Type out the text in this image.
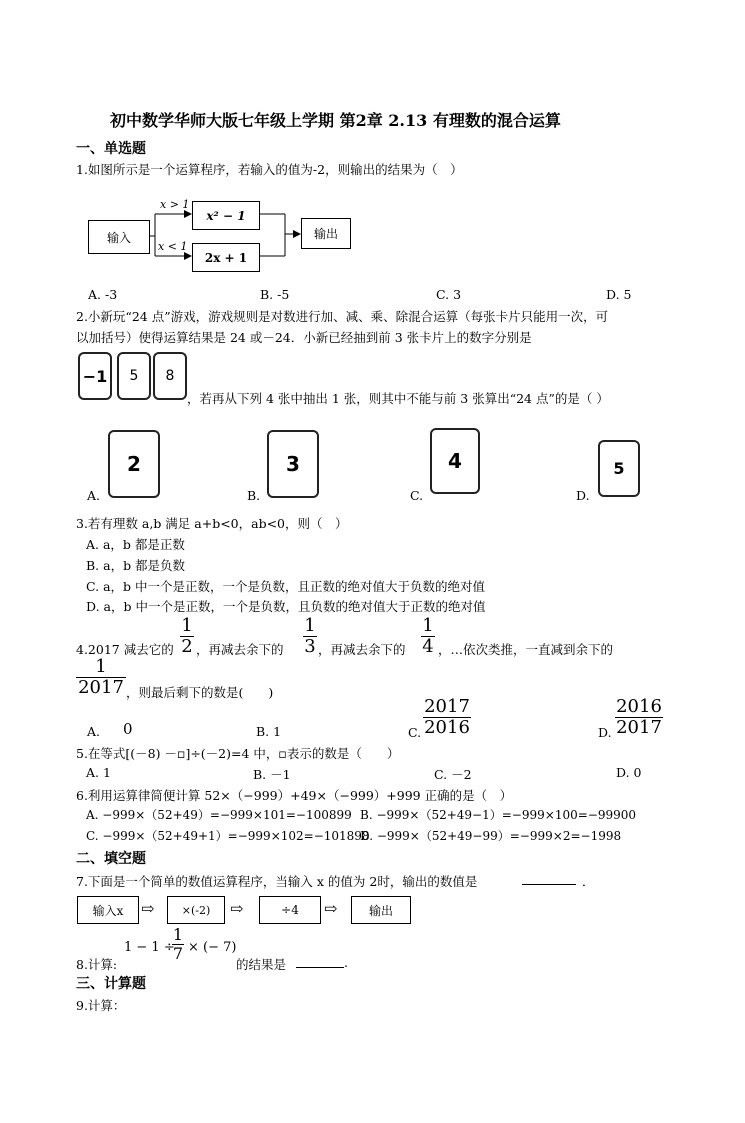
初中数学华师大版七年级上学期 第2章 2.13 有理数的混合运算
一、单选题
1.如图所示是一个运算程序，若输入的值为-2，则输出的结果为（　）
输入
x > 1
x < 1
x² − 1
2x + 1
输出
A. -3	B. -5	C. 3	D. 5
2.小新玩“24 点”游戏，游戏规则是对数进行加、减、乘、除混合运算（每张卡片只能用一次，可
以加括号）使得运算结果是 24 或－24．小新已经抽到前 3 张卡片上的数字分别是
−1	5	8
，若再从下列 4 张中抽出 1 张，则其中不能与前 3 张算出“24 点”的是（ ）
A.
2
B.
3
C.
4
D.
5
3.若有理数 a,b 满足 a+b<0，ab<0，则（　）
A. a，b 都是正数
B. a，b 都是负数
C. a，b 中一个是正数，一个是负数，且正数的绝对值大于负数的绝对值
D. a，b 中一个是正数，一个是负数，且负数的绝对值大于正数的绝对值
4.2017 减去它的 $\frac{1}{2}$ ，再减去余下的 $\frac{1}{3}$ ，再减去余下的 $\frac{1}{4}$ ，…依次类推，一直减到余下的
$\frac{1}{2017}$ ，则最后剩下的数是(　　)
A. 0	B. 1	C. $\frac{2017}{2016}$	D. $\frac{2016}{2017}$
5.在等式[(－8) －▫]÷(－2)=4 中，▫表示的数是（　　）
A. 1	B. －1	C. －2	D. 0
6.利用运算律简便计算 52×（−999）+49×（−999）+999 正确的是（　）
A. −999×（52+49）=−999×101=−100899 B. −999×（52+49−1）=−999×100=−99900
C. −999×（52+49+1）=−999×102=−101898
D. −999×（52+49−99）=−999×2=−1998
二、填空题
7.下面是一个简单的数值运算程序，当输入 x 的值为 2时，输出的数值是	．
输入x	⇨	×(-2)	⇨	÷4	⇨	输出
8.计算:
1 − 1 ÷
$\frac{1}{7}$ × (− 7)
的结果是	.
三、计算题
9.计算：
